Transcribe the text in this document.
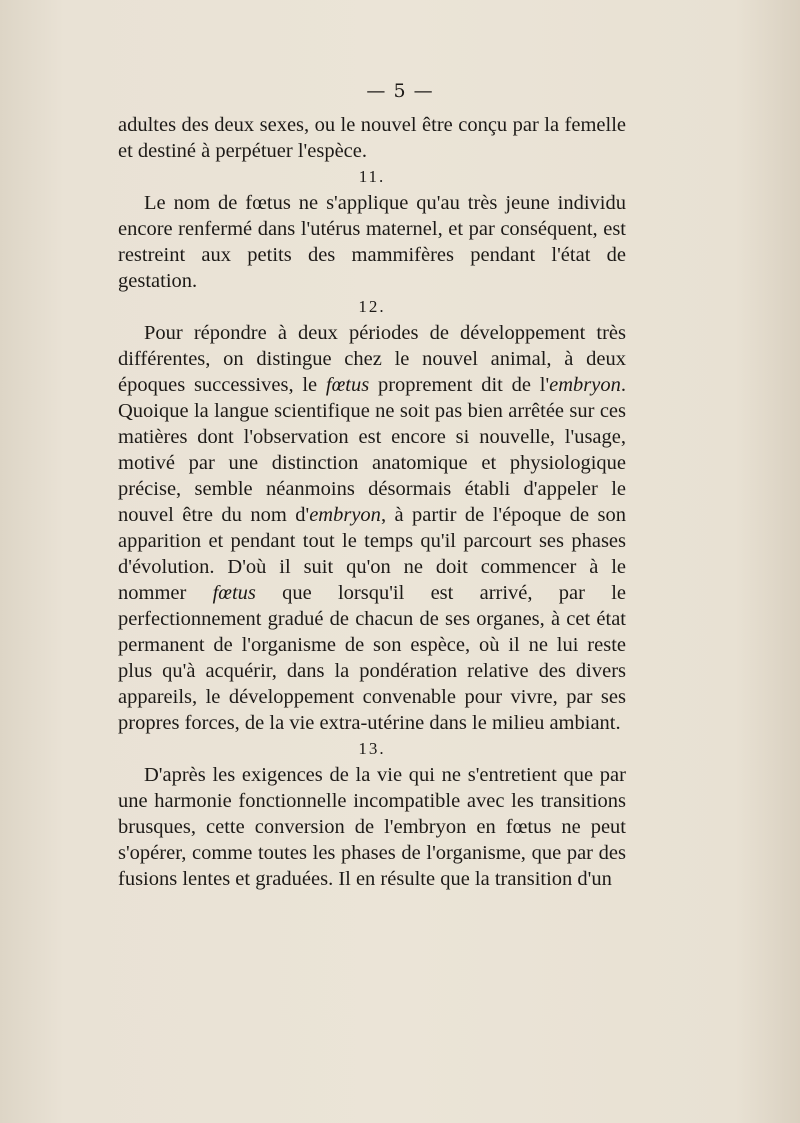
— 5 —

adultes des deux sexes, ou le nouvel être conçu par la femelle et destiné à perpétuer l'espèce.

11.

Le nom de fœtus ne s'applique qu'au très jeune individu encore renfermé dans l'utérus maternel, et par conséquent, est restreint aux petits des mammifères pendant l'état de gestation.

12.

Pour répondre à deux périodes de développement très différentes, on distingue chez le nouvel animal, à deux époques successives, le fœtus proprement dit de l'embryon. Quoique la langue scientifique ne soit pas bien arrêtée sur ces matières dont l'observation est encore si nouvelle, l'usage, motivé par une distinction anatomique et physiologique précise, semble néanmoins désormais établi d'appeler le nouvel être du nom d'embryon, à partir de l'époque de son apparition et pendant tout le temps qu'il parcourt ses phases d'évolution. D'où il suit qu'on ne doit commencer à le nommer fœtus que lorsqu'il est arrivé, par le perfectionnement gradué de chacun de ses organes, à cet état permanent de l'organisme de son espèce, où il ne lui reste plus qu'à acquérir, dans la pondération relative des divers appareils, le développement convenable pour vivre, par ses propres forces, de la vie extra-utérine dans le milieu ambiant.

13.

D'après les exigences de la vie qui ne s'entretient que par une harmonie fonctionnelle incompatible avec les transitions brusques, cette conversion de l'embryon en fœtus ne peut s'opérer, comme toutes les phases de l'organisme, que par des fusions lentes et graduées. Il en résulte que la transition d'un
